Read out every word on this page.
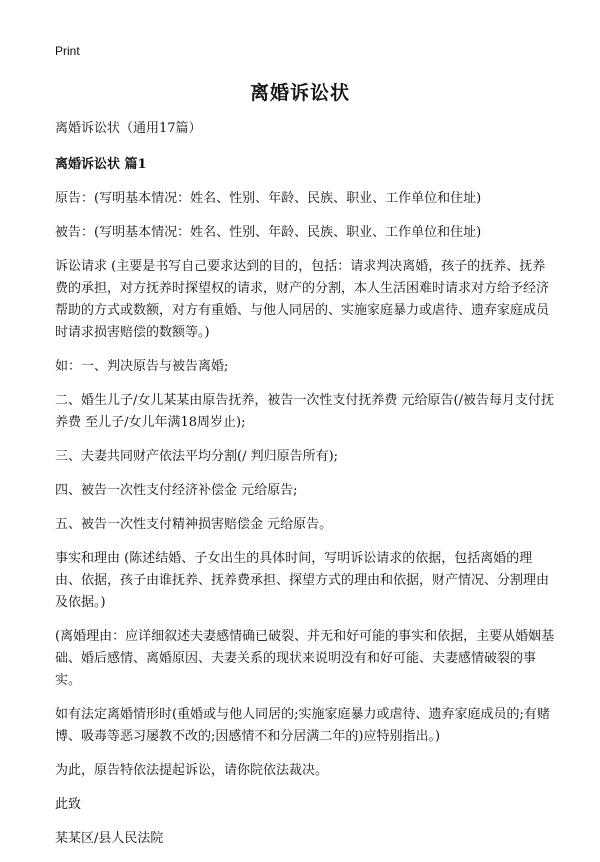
Print
离婚诉讼状

离婚诉讼状（通用17篇）

离婚诉讼状 篇1

原告：(写明基本情况：姓名、性别、年龄、民族、职业、工作单位和住址)

被告：(写明基本情况：姓名、性别、年龄、民族、职业、工作单位和住址)

诉讼请求 (主要是书写自己要求达到的目的，包括：请求判决离婚，孩子的抚养、抚养费的承担，对方抚养时探望权的请求，财产的分割，本人生活困难时请求对方给予经济帮助的方式或数额，对方有重婚、与他人同居的、实施家庭暴力或虐待、遗弃家庭成员时请求损害赔偿的数额等。)

如：一、判决原告与被告离婚;

二、婚生儿子/女儿某某由原告抚养，被告一次性支付抚养费 元给原告(/被告每月支付抚养费 至儿子/女儿年满18周岁止);

三、夫妻共同财产依法平均分割(/ 判归原告所有);

四、被告一次性支付经济补偿金 元给原告;

五、被告一次性支付精神损害赔偿金 元给原告。

事实和理由 (陈述结婚、子女出生的具体时间，写明诉讼请求的依据，包括离婚的理由、依据，孩子由谁抚养、抚养费承担、探望方式的理由和依据，财产情况、分割理由及依据。)

(离婚理由：应详细叙述夫妻感情确已破裂、并无和好可能的事实和依据，主要从婚姻基础、婚后感情、离婚原因、夫妻关系的现状来说明没有和好可能、夫妻感情破裂的事实。

如有法定离婚情形时(重婚或与他人同居的;实施家庭暴力或虐待、遗弃家庭成员的;有赌博、吸毒等恶习屡教不改的;因感情不和分居满二年的)应特别指出。)

为此，原告特依法提起诉讼，请你院依法裁决。

此致

某某区/县人民法院
